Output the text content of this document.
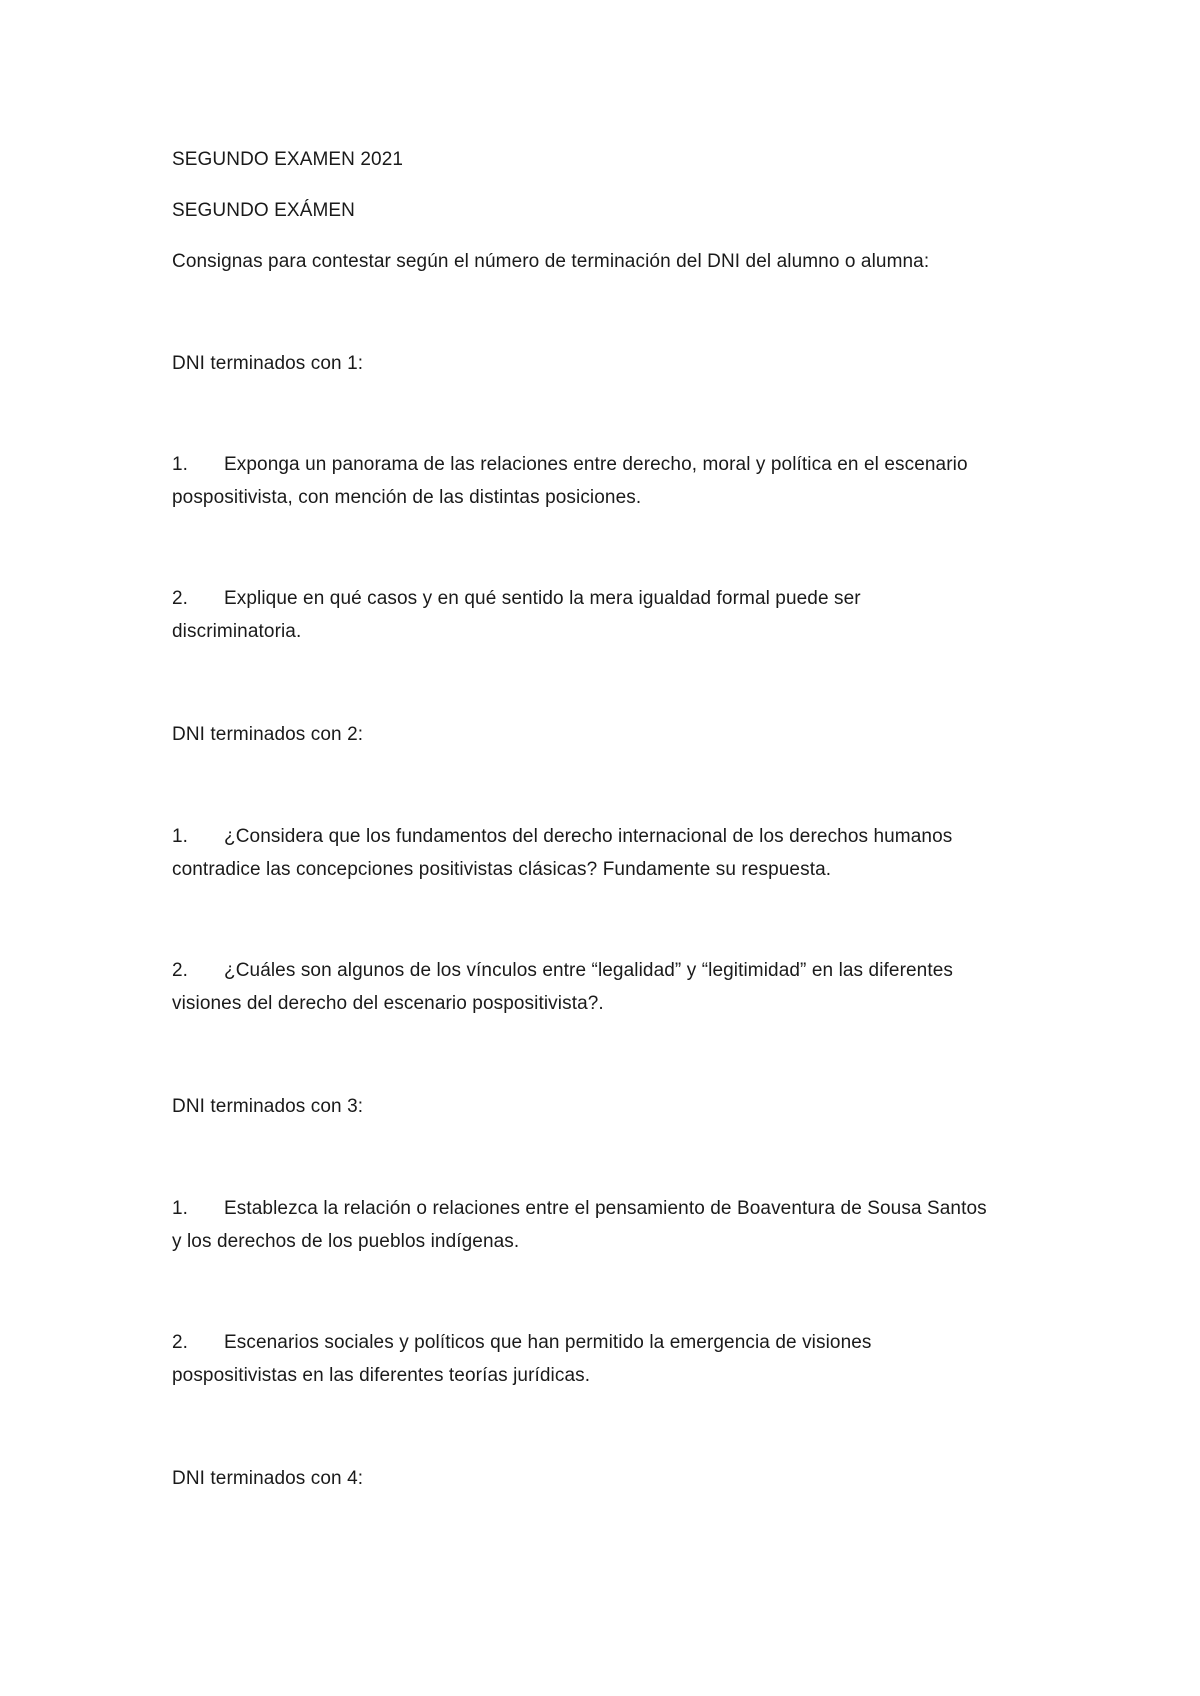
SEGUNDO EXAMEN 2021

SEGUNDO EXÁMEN

Consignas para contestar según el número de terminación del DNI del alumno o alumna:

DNI terminados con 1:

1.	Exponga un panorama de las relaciones entre derecho, moral y política en el escenario
pospositivista, con mención de las distintas posiciones.
2.	Explique en qué casos y en qué sentido la mera igualdad formal puede ser
discriminatoria.

DNI terminados con 2:

1.	¿Considera que los fundamentos del derecho internacional de los derechos humanos
contradice las concepciones positivistas clásicas? Fundamente su respuesta.
2.	¿Cuáles son algunos de los vínculos entre “legalidad” y “legitimidad” en las diferentes
visiones del derecho del escenario pospositivista?.

DNI terminados con 3:

1.	Establezca la relación o relaciones entre el pensamiento de Boaventura de Sousa Santos
y los derechos de los pueblos indígenas.
2.	Escenarios sociales y políticos que han permitido la emergencia de visiones
pospositivistas en las diferentes teorías jurídicas.

DNI terminados con 4:
